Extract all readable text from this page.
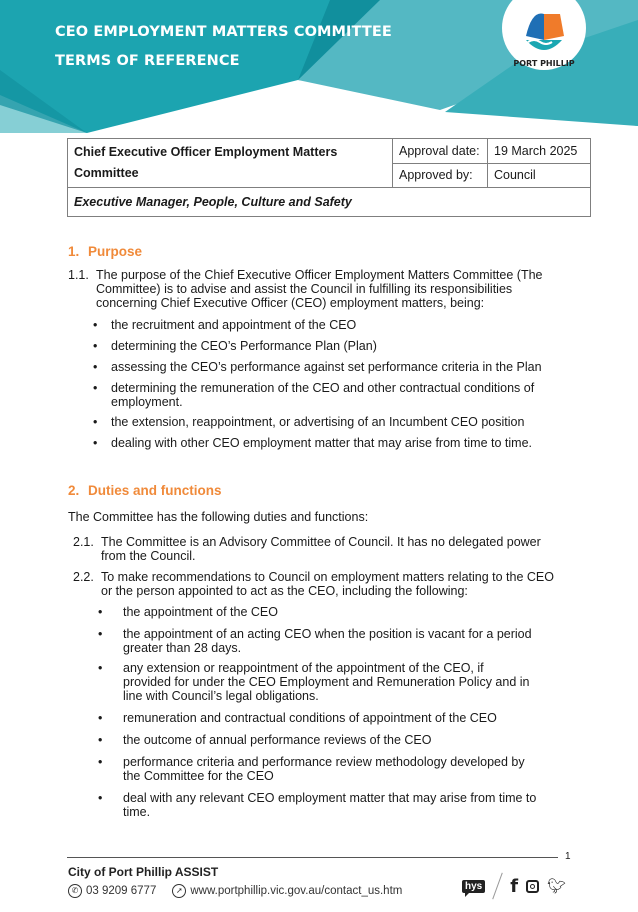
CEO EMPLOYMENT MATTERS COMMITTEE
TERMS OF REFERENCE	PORT PHILLIP
Chief Executive Officer Employment Matters Committee	Approval date:	19 March 2025
	Approved by:	Council
Executive Manager, People, Culture and Safety		
1. Purpose
1.1. The purpose of the Chief Executive Officer Employment Matters Committee (The Committee) is to advise and assist the Council in fulfilling its responsibilities concerning Chief Executive Officer (CEO) employment matters, being:
• the recruitment and appointment of the CEO
• determining the CEO’s Performance Plan (Plan)
• assessing the CEO’s performance against set performance criteria in the Plan
• determining the remuneration of the CEO and other contractual conditions of employment.
• the extension, reappointment, or advertising of an Incumbent CEO position
• dealing with other CEO employment matter that may arise from time to time.
2. Duties and functions
The Committee has the following duties and functions:
2.1. The Committee is an Advisory Committee of Council. It has no delegated power from the Council.
2.2. To make recommendations to Council on employment matters relating to the CEO or the person appointed to act as the CEO, including the following:
• the appointment of the CEO
• the appointment of an acting CEO when the position is vacant for a period greater than 28 days.
• any extension or reappointment of the appointment of the CEO, if provided for under the CEO Employment and Remuneration Policy and in line with Council’s legal obligations.
• remuneration and contractual conditions of appointment of the CEO
• the outcome of annual performance reviews of the CEO
• performance criteria and performance review methodology developed by the Committee for the CEO
• deal with any relevant CEO employment matter that may arise from time to time.
1
City of Port Phillip ASSIST
✆ 03 9209 6777	➚ www.portphillip.vic.gov.au/contact_us.htm	hys f 🐦︎
